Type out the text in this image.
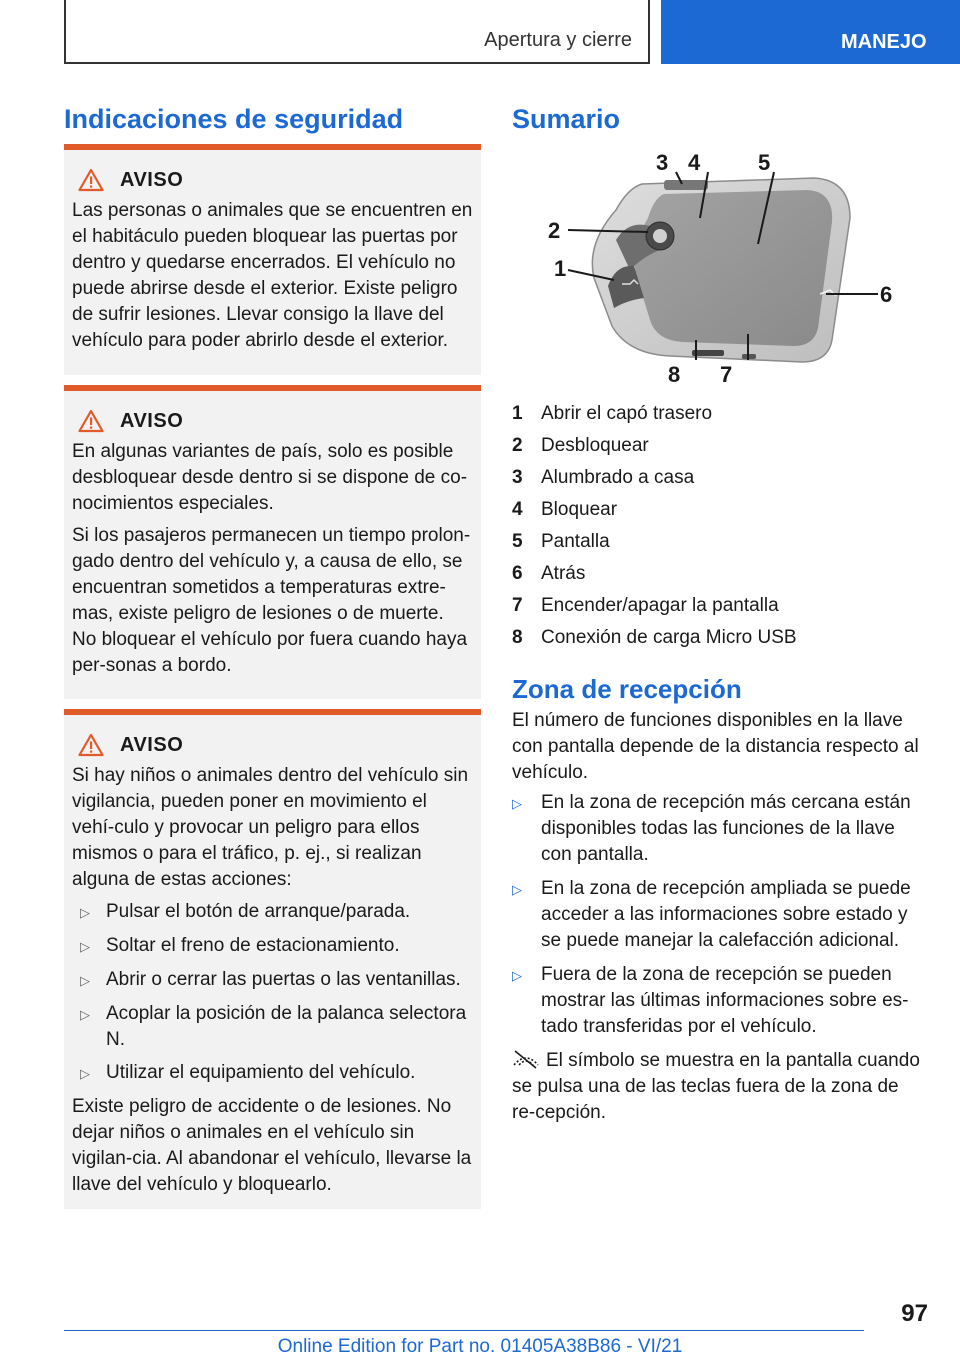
Apertura y cierre	MANEJO
Indicaciones de seguridad
AVISO

Las personas o animales que se encuentren en el habitáculo pueden bloquear las puertas por dentro y quedarse encerrados. El vehículo no puede abrirse desde el exterior. Existe peligro de sufrir lesiones. Llevar consigo la llave del vehículo para poder abrirlo desde el exterior.

AVISO

En algunas variantes de país, solo es posible desbloquear desde dentro si se dispone de co-nocimientos especiales.

Si los pasajeros permanecen un tiempo prolon-gado dentro del vehículo y, a causa de ello, se encuentran sometidos a temperaturas extre-mas, existe peligro de lesiones o de muerte. No bloquear el vehículo por fuera cuando haya per-sonas a bordo.

AVISO

Si hay niños o animales dentro del vehículo sin vigilancia, pueden poner en movimiento el vehí-culo y provocar un peligro para ellos mismos o para el tráfico, p. ej., si realizan alguna de estas acciones:

▷ Pulsar el botón de arranque/parada.
▷ Soltar el freno de estacionamiento.
▷ Abrir o cerrar las puertas o las ventanillas.
▷ Acoplar la posición de la palanca selectora N.
▷ Utilizar el equipamiento del vehículo.

Existe peligro de accidente o de lesiones. No dejar niños o animales en el vehículo sin vigilan-cia. Al abandonar el vehículo, llevarse la llave del vehículo y bloquearlo.

Sumario
1
2
3 4	5
6
7
8
1 Abrir el capó trasero
2 Desbloquear
3 Alumbrado a casa
4 Bloquear
5 Pantalla
6 Atrás
7 Encender/apagar la pantalla
8 Conexión de carga Micro USB
Zona de recepción

El número de funciones disponibles en la llave con pantalla depende de la distancia respecto al vehículo.

▷	En la zona de recepción más cercana están disponibles todas las funciones de la llave con pantalla.
▷	En la zona de recepción ampliada se puede acceder a las informaciones sobre estado y se puede manejar la calefacción adicional.
▷	Fuera de la zona de recepción se pueden mostrar las últimas informaciones sobre es-tado transferidas por el vehículo.

El símbolo se muestra en la pantalla cuando se pulsa una de las teclas fuera de la zona de re-cepción.

97
Online Edition for Part no. 01405A38B86 - VI/21
